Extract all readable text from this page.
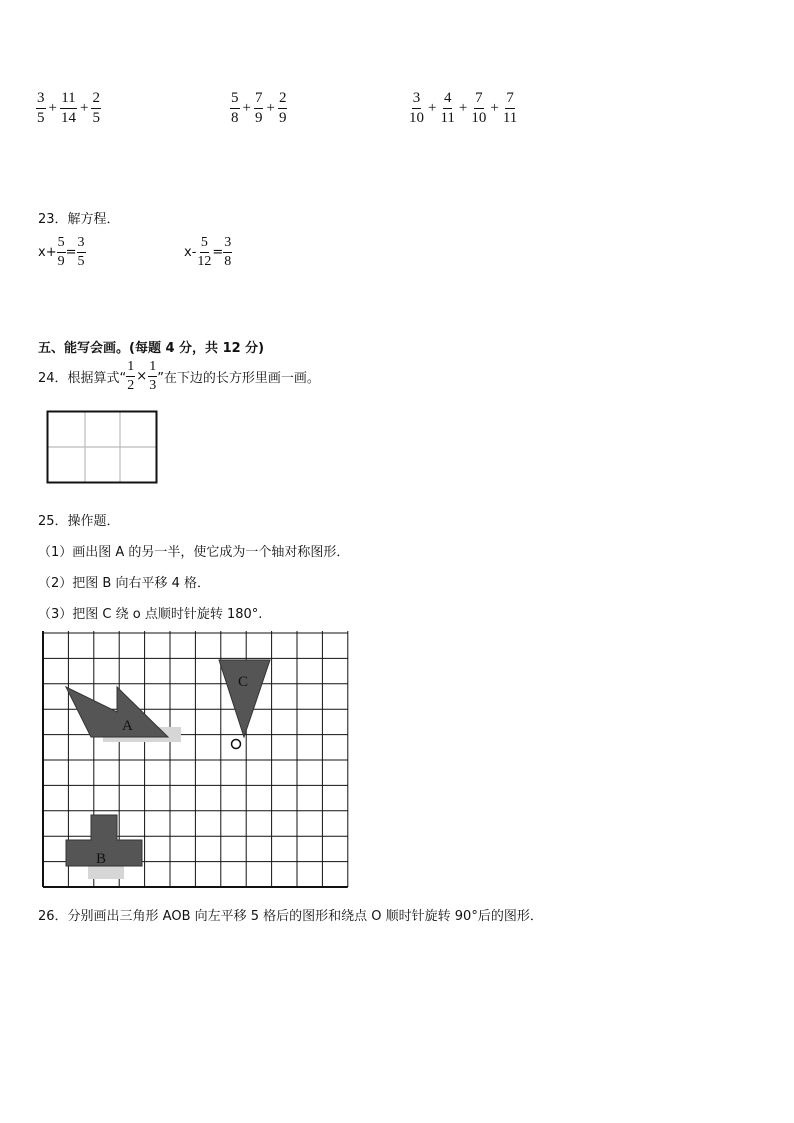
$\frac{3}{5} + \frac{11}{14} + \frac{2}{5}$	$\frac{5}{8} + \frac{7}{9} + \frac{2}{9}$	$\frac{3}{10} + \frac{4}{11} + \frac{7}{10} + \frac{7}{11}$
23．解方程．
$x+ \frac{5}{9} = \frac{3}{5}$	$x- \frac{5}{12} = \frac{3}{8}$
五、能写会画。(每题 4 分，共 12 分)
24．根据算式“ $\frac{1}{2} \times \frac{1}{3}$ ”在下边的长方形里画一画。
25．操作题．
（1）画出图 A 的另一半，使它成为一个轴对称图形．
（2）把图 B 向右平移 4 格．
（3）把图 C 绕 o 点顺时针旋转 180°.
A
C
B
26．分别画出三角形 AOB 向左平移 5 格后的图形和绕点 O 顺时针旋转 90°后的图形．
